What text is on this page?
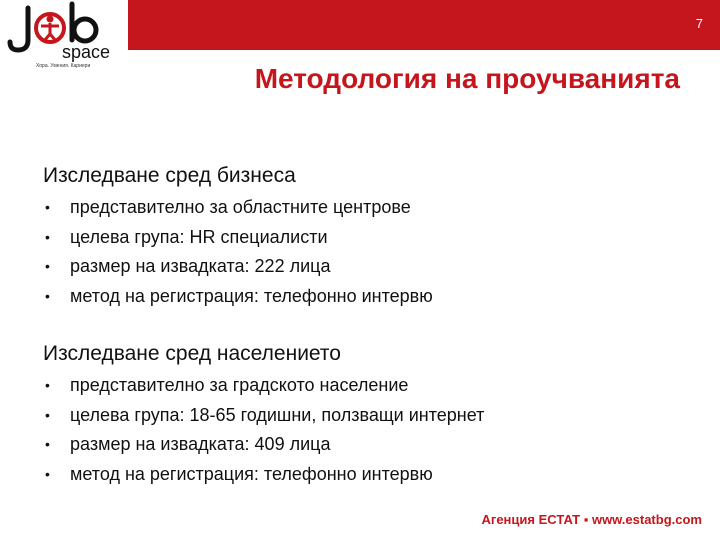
7
space
Хора. Умения. Кариери	Методология на проучванията
Изследване сред бизнеса
•	представително за областните центрове
•	целева група: HR специалисти
•	размер на извадката: 222 лица
•	метод на регистрация: телефонно интервю
Изследване сред населението
•	представително за градското население
•	целева група: 18-65 годишни, ползващи интернет
•	размер на извадката: 409 лица
•	метод на регистрация: телефонно интервю
Агенция ЕСТАТ ▪ www.estatbg.com
